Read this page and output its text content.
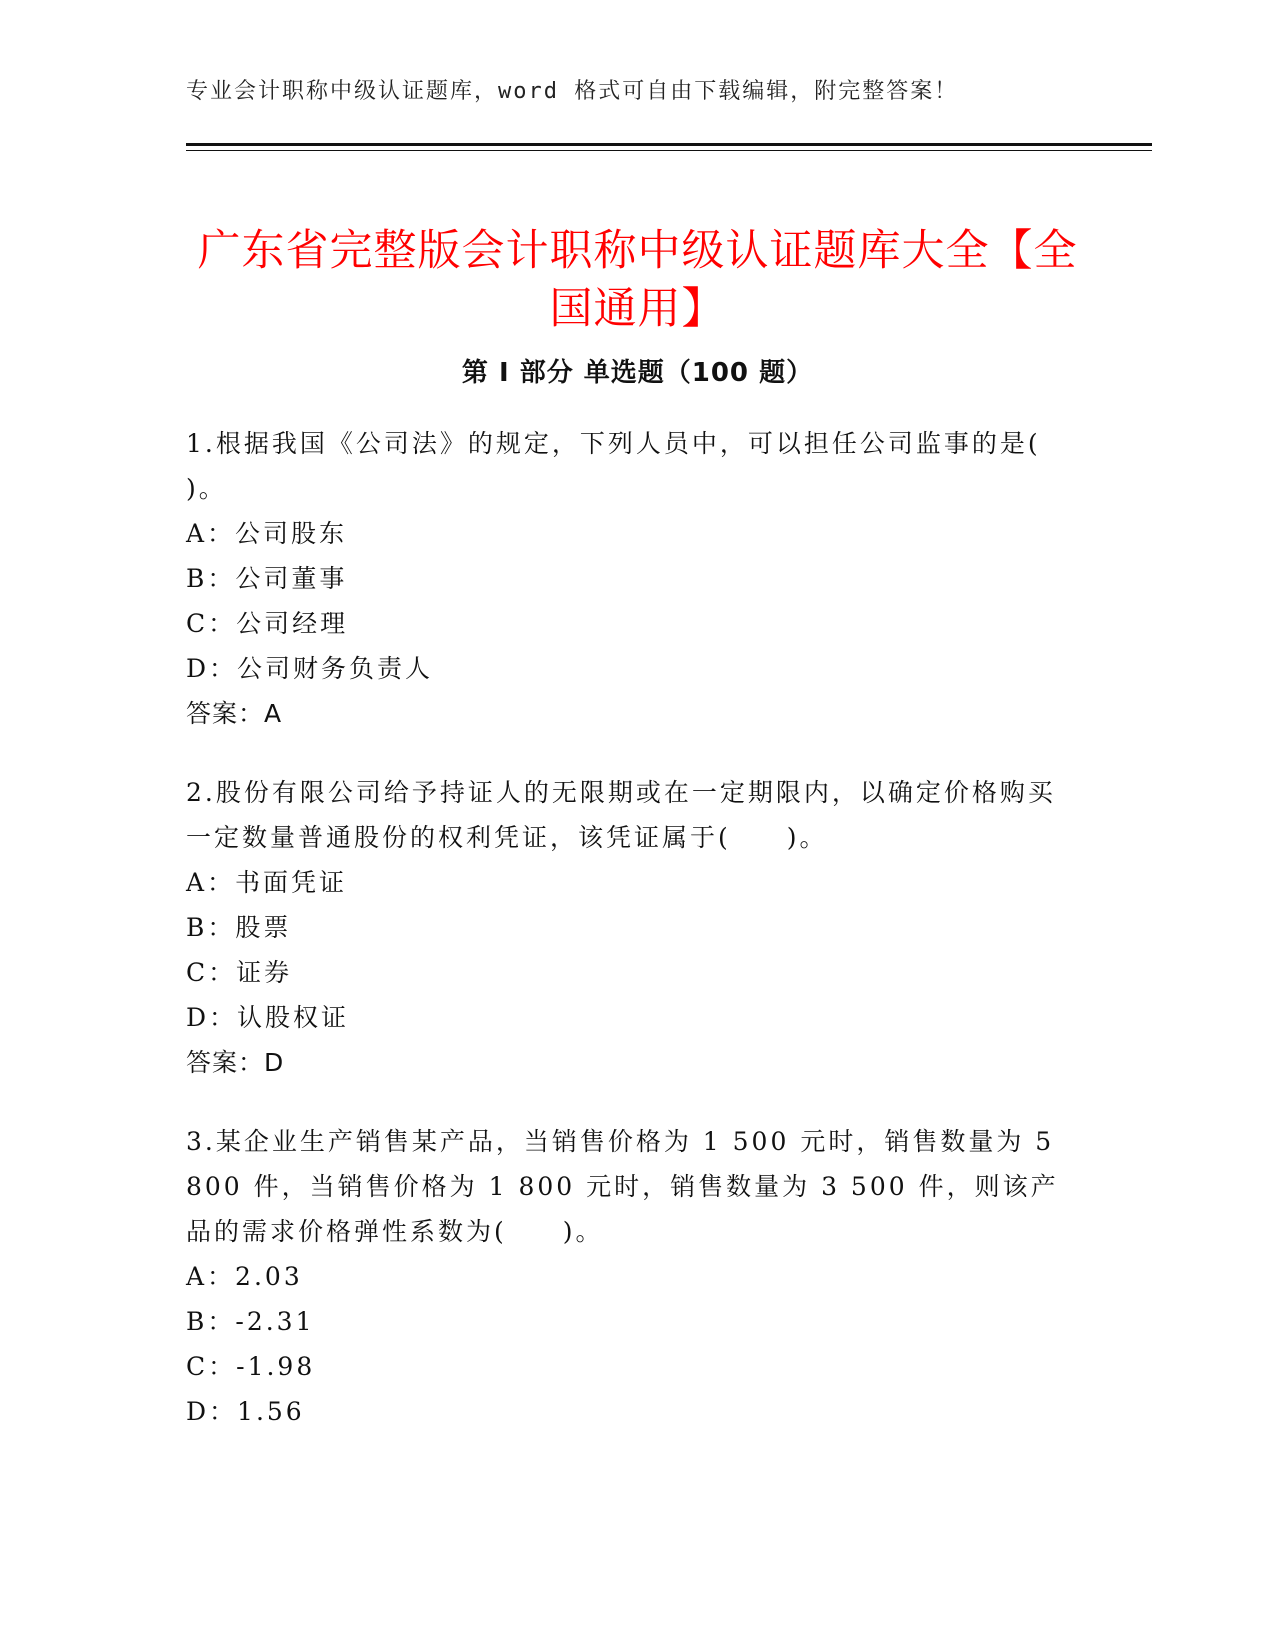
专业会计职称中级认证题库，word 格式可自由下载编辑，附完整答案！
广东省完整版会计职称中级认证题库大全【全国通用】
第 I 部分 单选题（100 题）

1.根据我国《公司法》的规定，下列人员中，可以担任公司监事的是( )。

A：公司股东

B：公司董事

C：公司经理

D：公司财务负责人

答案：A

2.股份有限公司给予持证人的无限期或在一定期限内，以确定价格购买一定数量普通股份的权利凭证，该凭证属于(　　)。

A：书面凭证

B：股票

C：证券

D：认股权证

答案：D

3.某企业生产销售某产品，当销售价格为 1 500 元时，销售数量为 5 800 件，当销售价格为 1 800 元时，销售数量为 3 500 件，则该产品的需求价格弹性系数为(　　)。

A：2.03

B：-2.31

C：-1.98

D：1.56
